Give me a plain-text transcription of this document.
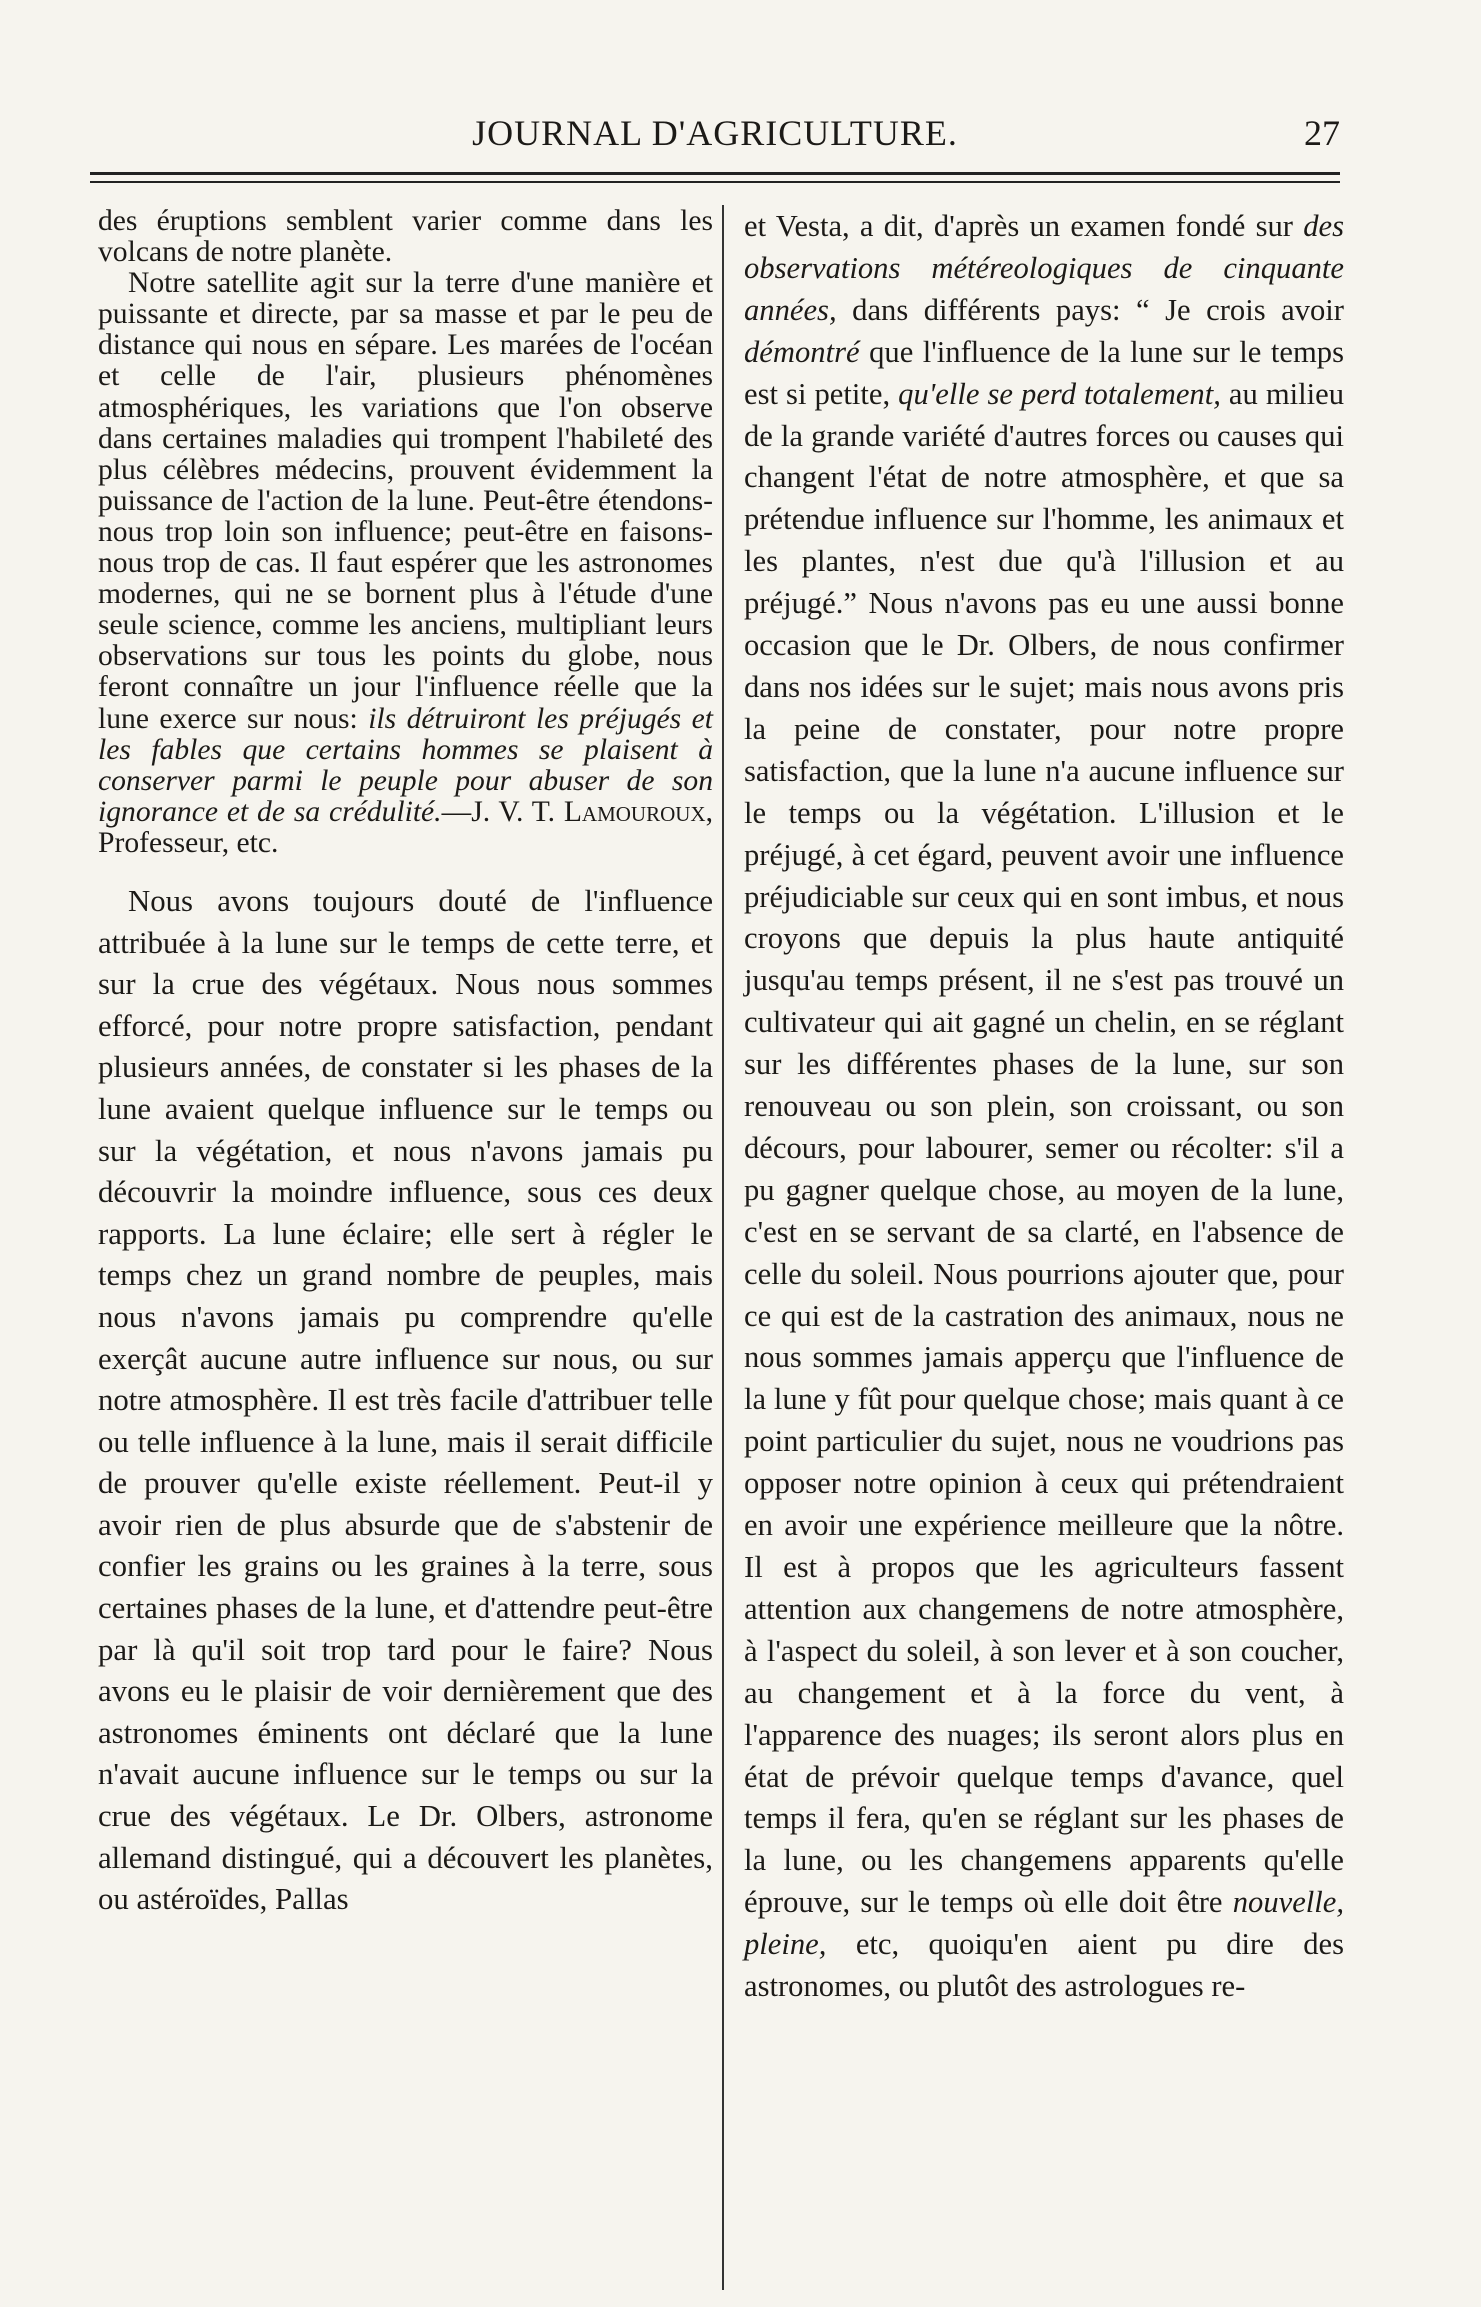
JOURNAL D'AGRICULTURE.	27

des éruptions semblent varier comme dans les volcans de notre planète.

Notre satellite agit sur la terre d'une manière et puissante et directe, par sa masse et par le peu de distance qui nous en sépare. Les marées de l'océan et celle de l'air, plusieurs phénomènes atmosphériques, les variations que l'on observe dans certaines maladies qui trompent l'habileté des plus célèbres médecins, prouvent évidemment la puissance de l'action de la lune. Peut-être étendons-nous trop loin son influence; peut-être en faisons-nous trop de cas. Il faut espérer que les astronomes modernes, qui ne se bornent plus à l'étude d'une seule science, comme les anciens, multipliant leurs observations sur tous les points du globe, nous feront connaître un jour l'influence réelle que la lune exerce sur nous: ils détruiront les préjugés et les fables que certains hommes se plaisent à conserver parmi le peuple pour abuser de son ignorance et de sa crédulité.—J. V. T. Lamouroux, Professeur, etc.

Nous avons toujours douté de l'influence attribuée à la lune sur le temps de cette terre, et sur la crue des végétaux. Nous nous sommes efforcé, pour notre propre satisfaction, pendant plusieurs années, de constater si les phases de la lune avaient quelque influence sur le temps ou sur la végétation, et nous n'avons jamais pu découvrir la moindre influence, sous ces deux rapports. La lune éclaire; elle sert à régler le temps chez un grand nombre de peuples, mais nous n'avons jamais pu comprendre qu'elle exerçât aucune autre influence sur nous, ou sur notre atmosphère. Il est très facile d'attribuer telle ou telle influence à la lune, mais il serait difficile de prouver qu'elle existe réellement. Peut-il y avoir rien de plus absurde que de s'abstenir de confier les grains ou les graines à la terre, sous certaines phases de la lune, et d'attendre peut-être par là qu'il soit trop tard pour le faire? Nous avons eu le plaisir de voir dernièrement que des astronomes éminents ont déclaré que la lune n'avait aucune influence sur le temps ou sur la crue des végétaux. Le Dr. Olbers, astronome allemand distingué, qui a découvert les planètes, ou astéroïdes, Pallas

et Vesta, a dit, d'après un examen fondé sur des observations météreologiques de cinquante années, dans différents pays: “ Je crois avoir démontré que l'influence de la lune sur le temps est si petite, qu'elle se perd totalement, au milieu de la grande variété d'autres forces ou causes qui changent l'état de notre atmosphère, et que sa prétendue influence sur l'homme, les animaux et les plantes, n'est due qu'à l'illusion et au préjugé.” Nous n'avons pas eu une aussi bonne occasion que le Dr. Olbers, de nous confirmer dans nos idées sur le sujet; mais nous avons pris la peine de constater, pour notre propre satisfaction, que la lune n'a aucune influence sur le temps ou la végétation. L'illusion et le préjugé, à cet égard, peuvent avoir une influence préjudiciable sur ceux qui en sont imbus, et nous croyons que depuis la plus haute antiquité jusqu'au temps présent, il ne s'est pas trouvé un cultivateur qui ait gagné un chelin, en se réglant sur les différentes phases de la lune, sur son renouveau ou son plein, son croissant, ou son décours, pour labourer, semer ou récolter: s'il a pu gagner quelque chose, au moyen de la lune, c'est en se servant de sa clarté, en l'absence de celle du soleil. Nous pourrions ajouter que, pour ce qui est de la castration des animaux, nous ne nous sommes jamais apperçu que l'influence de la lune y fût pour quelque chose; mais quant à ce point particulier du sujet, nous ne voudrions pas opposer notre opinion à ceux qui prétendraient en avoir une expérience meilleure que la nôtre. Il est à propos que les agriculteurs fassent attention aux changemens de notre atmosphère, à l'aspect du soleil, à son lever et à son coucher, au changement et à la force du vent, à l'apparence des nuages; ils seront alors plus en état de prévoir quelque temps d'avance, quel temps il fera, qu'en se réglant sur les phases de la lune, ou les changemens apparents qu'elle éprouve, sur le temps où elle doit être nouvelle, pleine, etc, quoiqu'en aient pu dire des astronomes, ou plutôt des astrologues re-
